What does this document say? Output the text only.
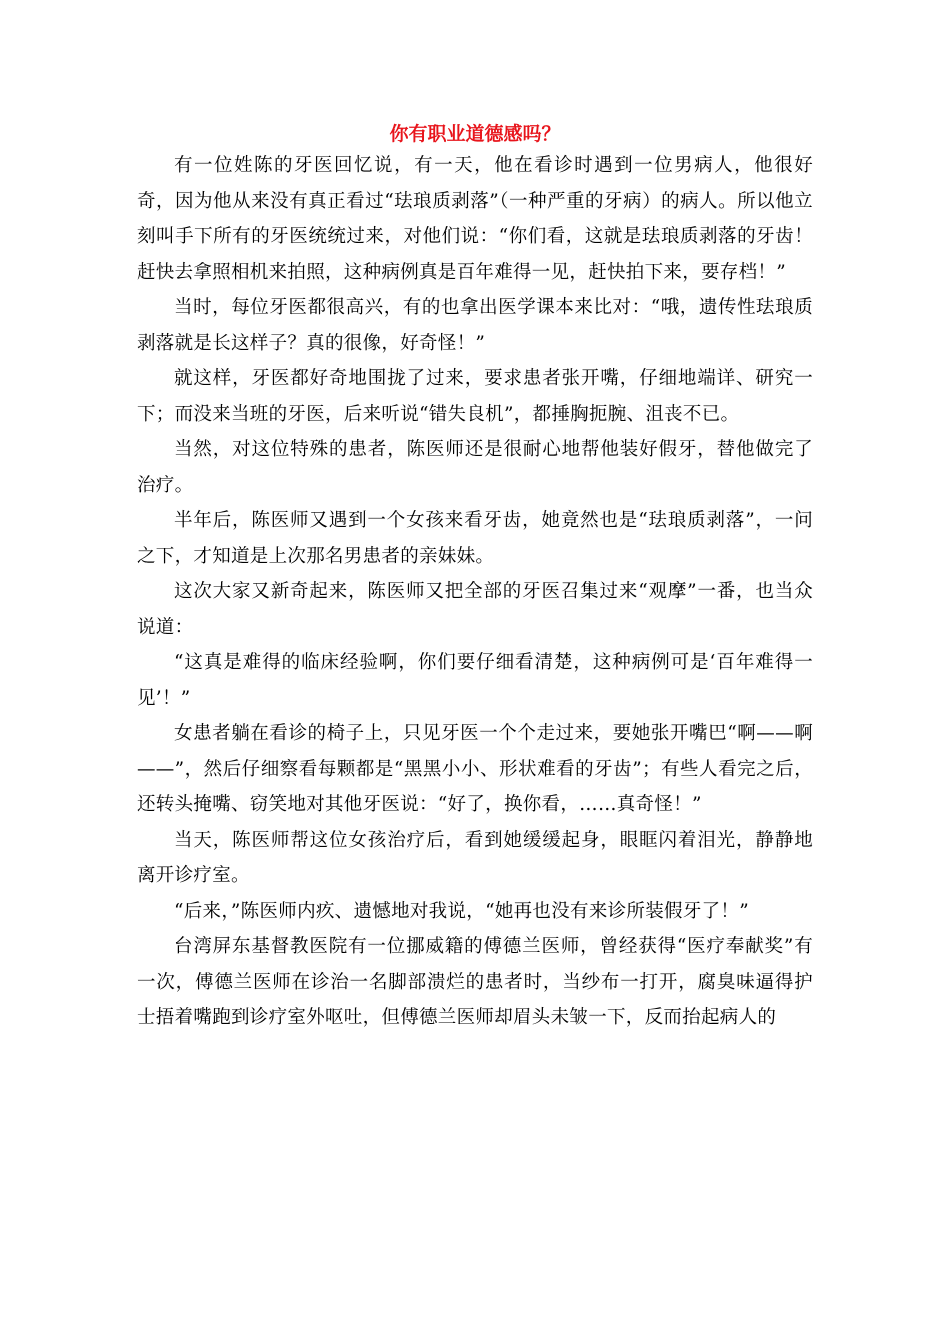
你有职业道德感吗？

有一位姓陈的牙医回忆说，有一天，他在看诊时遇到一位男病人，他很好奇，因为他从来没有真正看过“珐琅质剥落”（一种严重的牙病）的病人。所以他立刻叫手下所有的牙医统统过来，对他们说：“你们看，这就是珐琅质剥落的牙齿！赶快去拿照相机来拍照，这种病例真是百年难得一见，赶快拍下来，要存档！”

当时，每位牙医都很高兴，有的也拿出医学课本来比对：“哦，遗传性珐琅质剥落就是长这样子？真的很像，好奇怪！”

就这样，牙医都好奇地围拢了过来，要求患者张开嘴，仔细地端详、研究一下；而没来当班的牙医，后来听说“错失良机”，都捶胸扼腕、沮丧不已。

当然，对这位特殊的患者，陈医师还是很耐心地帮他装好假牙，替他做完了治疗。

半年后，陈医师又遇到一个女孩来看牙齿，她竟然也是“珐琅质剥落”，一问之下，才知道是上次那名男患者的亲妹妹。

这次大家又新奇起来，陈医师又把全部的牙医召集过来“观摩”一番，也当众说道：

“这真是难得的临床经验啊，你们要仔细看清楚，这种病例可是‘百年难得一见’！”

女患者躺在看诊的椅子上，只见牙医一个个走过来，要她张开嘴巴“啊——啊——”，然后仔细察看每颗都是“黑黑小小、形状难看的牙齿”；有些人看完之后，还转头掩嘴、窃笑地对其他牙医说：“好了，换你看，……真奇怪！”

当天，陈医师帮这位女孩治疗后，看到她缓缓起身，眼眶闪着泪光，静静地离开诊疗室。

“后来，”陈医师内疚、遗憾地对我说，“她再也没有来诊所装假牙了！”

台湾屏东基督教医院有一位挪威籍的傅德兰医师，曾经获得“医疗奉献奖”有一次，傅德兰医师在诊治一名脚部溃烂的患者时，当纱布一打开，腐臭味逼得护士捂着嘴跑到诊疗室外呕吐，但傅德兰医师却眉头未皱一下，反而抬起病人的
